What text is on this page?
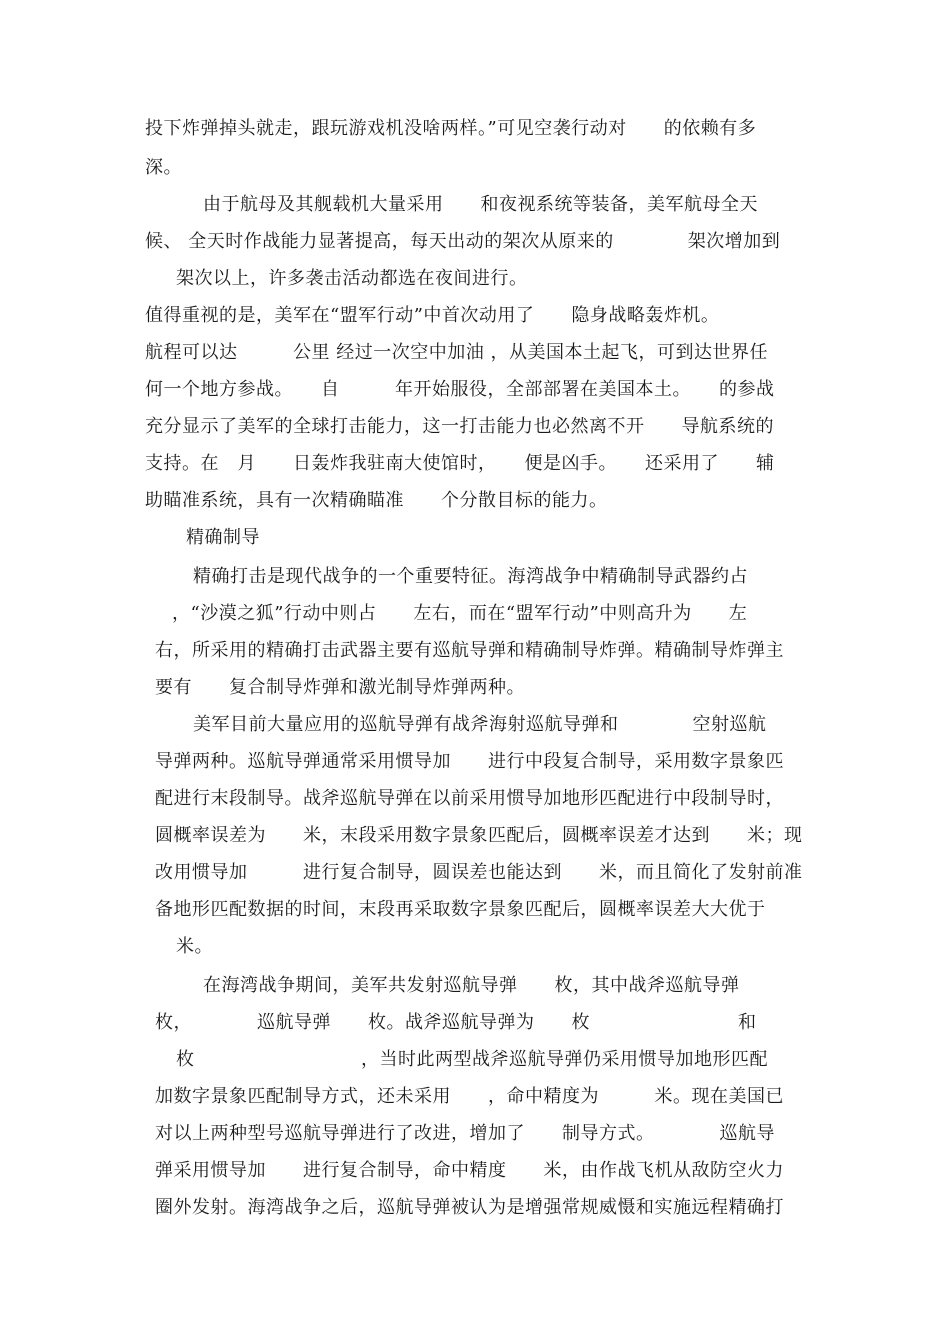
投下炸弹掉头就走，跟玩游戏机没啥两样。”可见空袭行动对　　的依赖有多
深。
由于航母及其舰载机大量采用　　和夜视系统等装备，美军航母全天
候、 全天时作战能力显著提高，每天出动的架次从原来的　　　　架次增加到
架次以上，许多袭击活动都选在夜间进行。
值得重视的是，美军在“盟军行动”中首次动用了　　隐身战略轰炸机。
航程可以达　　　公里 经过一次空中加油 ，从美国本土起飞，可到达世界任
何一个地方参战。　　自　　　年开始服役，全部部署在美国本土。　　的参战
充分显示了美军的全球打击能力，这一打击能力也必然离不开　　导航系统的
支持。在　月　　日轰炸我驻南大使馆时，　　便是凶手。　　还采用了　　辅
助瞄准系统，具有一次精确瞄准　　个分散目标的能力。
精确制导
精确打击是现代战争的一个重要特征。海湾战争中精确制导武器约占
，“沙漠之狐”行动中则占　　左右，而在“盟军行动”中则高升为　　左
右，所采用的精确打击武器主要有巡航导弹和精确制导炸弹。精确制导炸弹主
要有　　复合制导炸弹和激光制导炸弹两种。
美军目前大量应用的巡航导弹有战斧海射巡航导弹和　　　　空射巡航
导弹两种。巡航导弹通常采用惯导加　　进行中段复合制导，采用数字景象匹
配进行末段制导。战斧巡航导弹在以前采用惯导加地形匹配进行中段制导时，
圆概率误差为　　米，末段采用数字景象匹配后，圆概率误差才达到　　米；现
改用惯导加　　　进行复合制导，圆误差也能达到　　米，而且简化了发射前准
备地形匹配数据的时间，末段再采取数字景象匹配后，圆概率误差大大优于
米。
在海湾战争期间，美军共发射巡航导弹　　枚，其中战斧巡航导弹
枚，　　　　巡航导弹　　枚。战斧巡航导弹为　　枚　　　　　　　　和
枚　　　　　　　　　，当时此两型战斧巡航导弹仍采用惯导加地形匹配
加数字景象匹配制导方式，还未采用　　，命中精度为　　　米。现在美国已
对以上两种型号巡航导弹进行了改进，增加了　　制导方式。　　　　巡航导
弹采用惯导加　　进行复合制导，命中精度　　米，由作战飞机从敌防空火力
圈外发射。海湾战争之后，巡航导弹被认为是增强常规威慑和实施远程精确打
